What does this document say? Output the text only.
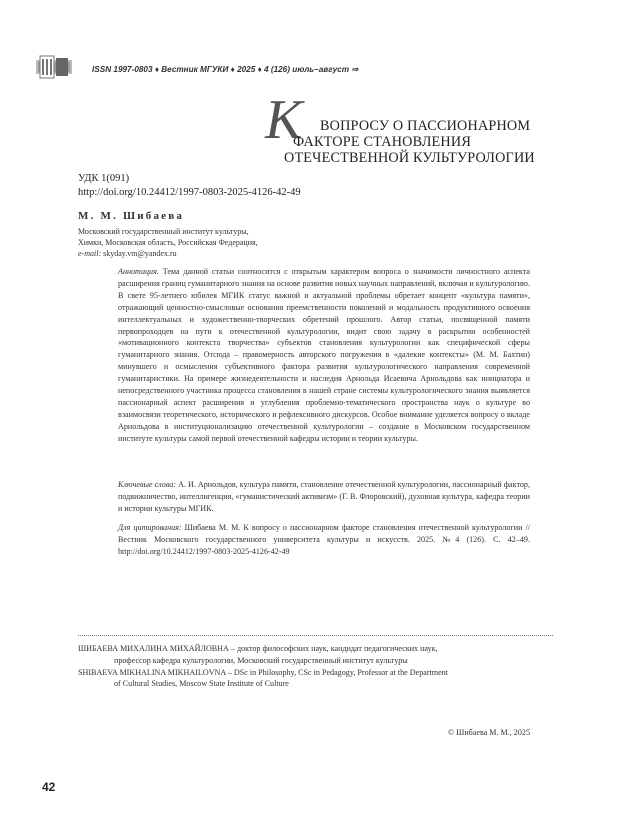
ISSN 1997-0803 ♦ Вестник МГУКИ ♦ 2025 ♦ 4 (126) июль–август ⇒
К ВОПРОСУ О ПАССИОНАРНОМ
ФАКТОРЕ СТАНОВЛЕНИЯ
ОТЕЧЕСТВЕННОЙ КУЛЬТУРОЛОГИИ
УДК 1(091)
http://doi.org/10.24412/1997-0803-2025-4126-42-49
М. М. Шибаева
Московский государственный институт культуры,
Химки, Московская область, Российская Федерация,
e-mail: skyday.vm@yandex.ru

Аннотация. Тема данной статьи соотносится с открытым характером вопроса о значимости личностного аспекта расширения границ гуманитарного знания на основе развития новых научных направлений, включая и культурологию. В свете 95-летнего юбилея МГИК статус важной и актуальной проблемы обретает концепт «культура памяти», отражающий ценностно-смысловые основания преемственности поколений и модальность продуктивного освоения интеллектуальных и художественно-творческих обретений прошлого. Автор статьи, посвященной памяти первопроходцев на пути к отечественной культурологии, видит свою задачу в раскрытии особенностей «мотивационного контекста творчества» субъектов становления культурологии как специфической сферы гуманитарного знания. Отсюда – правомерность авторского погружения в «далекие контексты» (М. М. Бахтин) минувшего и осмысления субъективного фактора развития культурологического направления современной гуманитаристики. На примере жизнедеятельности и наследия Арнольда Исаевича Арнольдова как инициатора и непосредственного участника процесса становления в нашей стране системы культурологического знания выявляется пассионарный аспект расширения и углубления проблемно-тематического пространства наук о культуре во взаимосвязи теоретического, исторического и рефлексивного дискурсов. Особое внимание уделяется вопросу о вкладе Арнольдова в институционализацию отечественной культурологии – создание в Московском государственном институте культуры самой первой отечественной кафедры истории и теории культуры.

Ключевые слова: А. И. Арнольдов, культура памяти, становление отечественной культурологии, пассионарный фактор, подвижничество, интеллигенция, «гуманистический активизм» (Г. В. Флоровский), духовная культура, кафедра теории и истории культуры МГИК.

Для цитирования: Шибаева М. М. К вопросу о пассионарном факторе становления отечественной культурологии // Вестник Московского государственного университета культуры и искусств. 2025. №4 (126). С. 42–49. http://doi.org/10.24412/1997-0803-2025-4126-42-49

ШИБАЕВА МИХАЛИНА МИХАЙЛОВНА – доктор философских наук, кандидат педагогических наук,
профессор кафедра культурологии, Московский государственный институт культуры
SHIBAEVA MIKHALINA MIKHAILOVNA – DSc in Philosophy, CSc in Pedagogy, Professor at the Department
of Cultural Studies, Moscow State Institute of Culture
© Шибаева М. М., 2025
42
